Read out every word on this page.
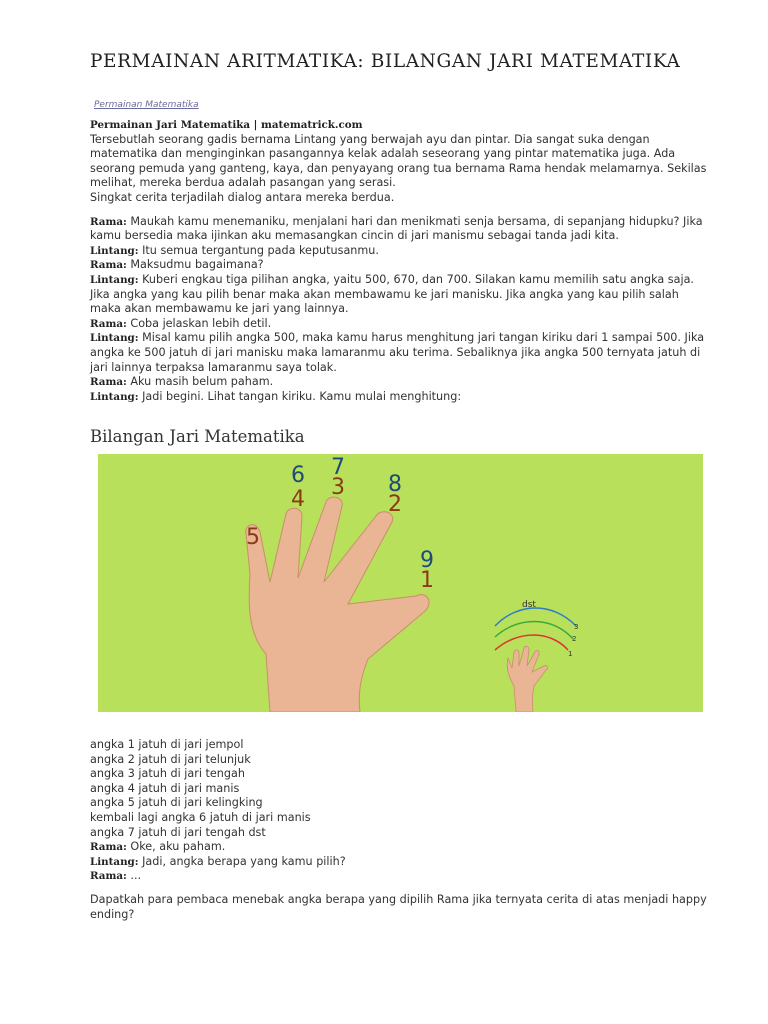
PERMAINAN ARITMATIKA: BILANGAN JARI MATEMATIKA
Permainan Matematika

Permainan Jari Matematika | matematrick.com

Tersebutlah seorang gadis bernama Lintang yang berwajah ayu dan pintar. Dia sangat suka dengan matematika dan menginginkan pasangannya kelak adalah seseorang yang pintar matematika juga. Ada seorang pemuda yang ganteng, kaya, dan penyayang orang tua bernama Rama hendak melamarnya. Sekilas melihat, mereka berdua adalah pasangan yang serasi.

Singkat cerita terjadilah dialog antara mereka berdua.

Rama: Maukah kamu menemaniku, menjalani hari dan menikmati senja bersama, di sepanjang hidupku? Jika kamu bersedia maka ijinkan aku memasangkan cincin di jari manismu sebagai tanda jadi kita.

Lintang: Itu semua tergantung pada keputusanmu.

Rama: Maksudmu bagaimana?

Lintang: Kuberi engkau tiga pilihan angka, yaitu 500, 670, dan 700. Silakan kamu memilih satu angka saja. Jika angka yang kau pilih benar maka akan membawamu ke jari manisku. Jika angka yang kau pilih salah maka akan membawamu ke jari yang lainnya.

Rama: Coba jelaskan lebih detil.

Lintang: Misal kamu pilih angka 500, maka kamu harus menghitung jari tangan kiriku dari 1 sampai 500. Jika angka ke 500 jatuh di jari manisku maka lamaranmu aku terima. Sebaliknya jika angka 500 ternyata jatuh di jari lainnya terpaksa lamaranmu saya tolak.

Rama: Aku masih belum paham.

Lintang: Jadi begini. Lihat tangan kiriku. Kamu mulai menghitung:

Bilangan Jari Matematika
5
6
4
7
3 8
2
9
1
dst
3
2
1

angka 1 jatuh di jari jempol

angka 2 jatuh di jari telunjuk

angka 3 jatuh di jari tengah

angka 4 jatuh di jari manis

angka 5 jatuh di jari kelingking

kembali lagi angka 6 jatuh di jari manis

angka 7 jatuh di jari tengah dst

Rama: Oke, aku paham.

Lintang: Jadi, angka berapa yang kamu pilih?

Rama: ...

Dapatkah para pembaca menebak angka berapa yang dipilih Rama jika ternyata cerita di atas menjadi happy ending?
